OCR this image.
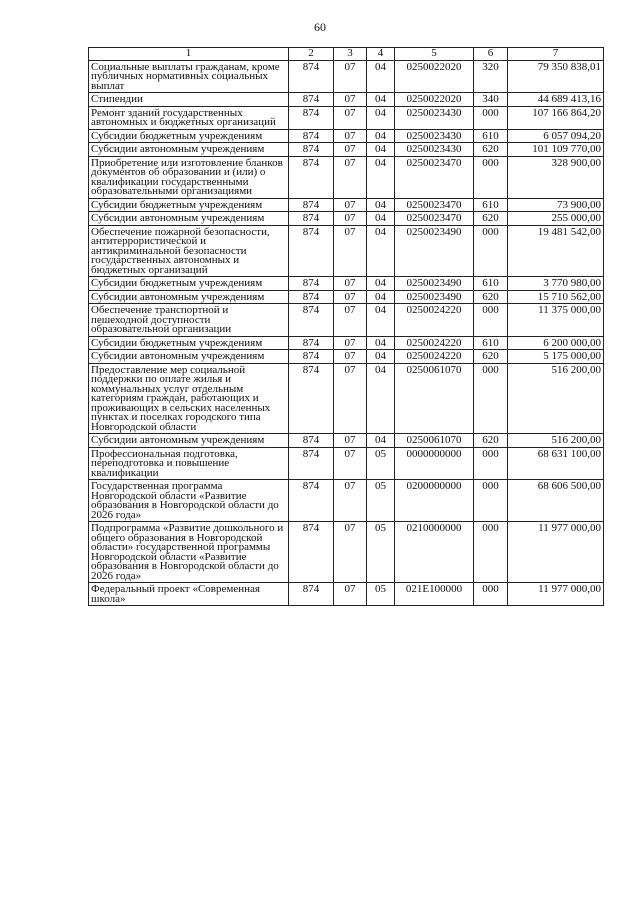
60
1	2	3	4	5	6	7
Социальные выплаты гражданам, кроме публичных нормативных социальных выплат	874	07	04	0250022020	320	79 350 838,01
Стипендии	874	07	04	0250022020	340	44 689 413,16
Ремонт зданий государственных автономных и бюджетных организаций	874	07	04	0250023430	000	107 166 864,20
Субсидии бюджетным учреждениям	874	07	04	0250023430	610	6 057 094,20
Субсидии автономным учреждениям	874	07	04	0250023430	620	101 109 770,00
Приобретение или изготовление бланков документов об образовании и (или) о квалификации государственными образовательными организациями	874	07	04	0250023470	000	328 900,00
Субсидии бюджетным учреждениям	874	07	04	0250023470	610	73 900,00
Субсидии автономным учреждениям	874	07	04	0250023470	620	255 000,00
Обеспечение пожарной безопасности, антитеррористической и антикриминальной безопасности государственных автономных и бюджетных организаций	874	07	04	0250023490	000	19 481 542,00
Субсидии бюджетным учреждениям	874	07	04	0250023490	610	3 770 980,00
Субсидии автономным учреждениям	874	07	04	0250023490	620	15 710 562,00
Обеспечение транспортной и пешеходной доступности образовательной организации	874	07	04	0250024220	000	11 375 000,00
Субсидии бюджетным учреждениям	874	07	04	0250024220	610	6 200 000,00
Субсидии автономным учреждениям	874	07	04	0250024220	620	5 175 000,00
Предоставление мер социальной поддержки по оплате жилья и коммунальных услуг отдельным категориям граждан, работающих и проживающих в сельских населенных пунктах и поселках городского типа Новгородской области	874	07	04	0250061070	000	516 200,00
Субсидии автономным учреждениям	874	07	04	0250061070	620	516 200,00
Профессиональная подготовка, переподготовка и повышение квалификации	874	07	05	0000000000	000	68 631 100,00
Государственная программа Новгородской области «Развитие образования в Новгородской области до 2026 года»	874	07	05	0200000000	000	68 606 500,00
Подпрограмма «Развитие дошкольного и общего образования в Новгородской области» государственной программы Новгородской области «Развитие образования в Новгородской области до 2026 года»	874	07	05	0210000000	000	11 977 000,00
Федеральный проект «Современная школа»	874	07	05	021E100000	000	11 977 000,00
